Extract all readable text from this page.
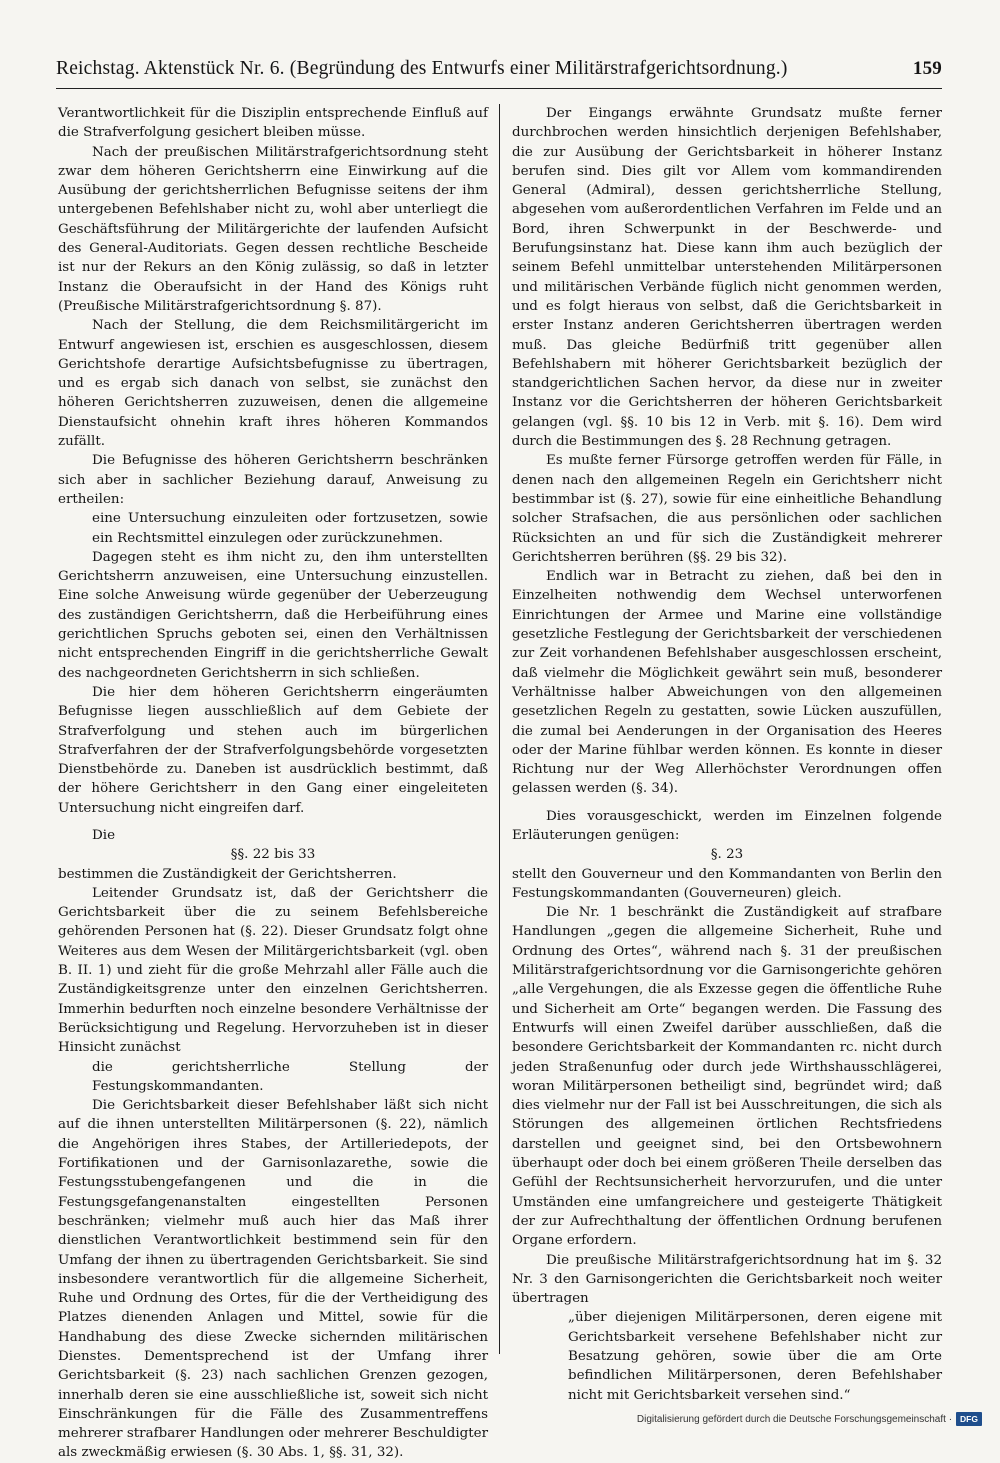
Reichstag. Aktenstück Nr. 6. (Begründung des Entwurfs einer Militärstrafgerichtsordnung.)	159

Verantwortlichkeit für die Disziplin entsprechende Einfluß auf die Strafverfolgung gesichert bleiben müsse.

Nach der preußischen Militärstrafgerichtsordnung steht zwar dem höheren Gerichtsherrn eine Einwirkung auf die Ausübung der gerichtsherrlichen Befugnisse seitens der ihm untergebenen Befehlshaber nicht zu, wohl aber unterliegt die Geschäftsführung der Militärgerichte der laufenden Aufsicht des General-Auditoriats. Gegen dessen rechtliche Bescheide ist nur der Rekurs an den König zulässig, so daß in letzter Instanz die Oberaufsicht in der Hand des Königs ruht (Preußische Militärstrafgerichtsordnung §. 87).

Nach der Stellung, die dem Reichsmilitärgericht im Entwurf angewiesen ist, erschien es ausgeschlossen, diesem Gerichtshofe derartige Aufsichtsbefugnisse zu übertragen, und es ergab sich danach von selbst, sie zunächst den höheren Gerichtsherren zuzuweisen, denen die allgemeine Dienstaufsicht ohnehin kraft ihres höheren Kommandos zufällt.

Die Befugnisse des höheren Gerichtsherrn beschränken sich aber in sachlicher Beziehung darauf, Anweisung zu ertheilen:

eine Untersuchung einzuleiten oder fortzusetzen, sowie ein Rechtsmittel einzulegen oder zurückzunehmen.

Dagegen steht es ihm nicht zu, den ihm unterstellten Gerichtsherrn anzuweisen, eine Untersuchung einzustellen. Eine solche Anweisung würde gegenüber der Ueberzeugung des zuständigen Gerichtsherrn, daß die Herbeiführung eines gerichtlichen Spruchs geboten sei, einen den Verhältnissen nicht entsprechenden Eingriff in die gerichtsherrliche Gewalt des nachgeordneten Gerichtsherrn in sich schließen.

Die hier dem höheren Gerichtsherrn eingeräumten Befugnisse liegen ausschließlich auf dem Gebiete der Strafverfolgung und stehen auch im bürgerlichen Strafverfahren der der Strafverfolgungsbehörde vorgesetzten Dienstbehörde zu. Daneben ist ausdrücklich bestimmt, daß der höhere Gerichtsherr in den Gang einer eingeleiteten Untersuchung nicht eingreifen darf.

Die

§§. 22 bis 33

bestimmen die Zuständigkeit der Gerichtsherren.

Leitender Grundsatz ist, daß der Gerichtsherr die Gerichtsbarkeit über die zu seinem Befehlsbereiche gehörenden Personen hat (§. 22). Dieser Grundsatz folgt ohne Weiteres aus dem Wesen der Militärgerichtsbarkeit (vgl. oben B. II. 1) und zieht für die große Mehrzahl aller Fälle auch die Zuständigkeitsgrenze unter den einzelnen Gerichtsherren. Immerhin bedurften noch einzelne besondere Verhältnisse der Berücksichtigung und Regelung. Hervorzuheben ist in dieser Hinsicht zunächst

die gerichtsherrliche Stellung der Festungskommandanten.

Die Gerichtsbarkeit dieser Befehlshaber läßt sich nicht auf die ihnen unterstellten Militärpersonen (§. 22), nämlich die Angehörigen ihres Stabes, der Artilleriedepots, der Fortifikationen und der Garnisonlazarethe, sowie die Festungsstubengefangenen und die in die Festungsgefangenanstalten eingestellten Personen beschränken; vielmehr muß auch hier das Maß ihrer dienstlichen Verantwortlichkeit bestimmend sein für den Umfang der ihnen zu übertragenden Gerichtsbarkeit. Sie sind insbesondere verantwortlich für die allgemeine Sicherheit, Ruhe und Ordnung des Ortes, für die der Vertheidigung des Platzes dienenden Anlagen und Mittel, sowie für die Handhabung des diese Zwecke sichernden militärischen Dienstes. Dementsprechend ist der Umfang ihrer Gerichtsbarkeit (§. 23) nach sachlichen Grenzen gezogen, innerhalb deren sie eine ausschließliche ist, soweit sich nicht Einschränkungen für die Fälle des Zusammentreffens mehrerer strafbarer Handlungen oder mehrerer Beschuldigter als zweckmäßig erwiesen (§. 30 Abs. 1, §§. 31, 32).

Der Eingangs erwähnte Grundsatz mußte ferner durchbrochen werden hinsichtlich derjenigen Befehlshaber, die zur Ausübung der Gerichtsbarkeit in höherer Instanz berufen sind. Dies gilt vor Allem vom kommandirenden General (Admiral), dessen gerichtsherrliche Stellung, abgesehen vom außerordentlichen Verfahren im Felde und an Bord, ihren Schwerpunkt in der Beschwerde- und Berufungsinstanz hat. Diese kann ihm auch bezüglich der seinem Befehl unmittelbar unterstehenden Militärpersonen und militärischen Verbände füglich nicht genommen werden, und es folgt hieraus von selbst, daß die Gerichtsbarkeit in erster Instanz anderen Gerichtsherren übertragen werden muß. Das gleiche Bedürfniß tritt gegenüber allen Befehlshabern mit höherer Gerichtsbarkeit bezüglich der standgerichtlichen Sachen hervor, da diese nur in zweiter Instanz vor die Gerichtsherren der höheren Gerichtsbarkeit gelangen (vgl. §§. 10 bis 12 in Verb. mit §. 16). Dem wird durch die Bestimmungen des §. 28 Rechnung getragen.

Es mußte ferner Fürsorge getroffen werden für Fälle, in denen nach den allgemeinen Regeln ein Gerichtsherr nicht bestimmbar ist (§. 27), sowie für eine einheitliche Behandlung solcher Strafsachen, die aus persönlichen oder sachlichen Rücksichten an und für sich die Zuständigkeit mehrerer Gerichtsherren berühren (§§. 29 bis 32).

Endlich war in Betracht zu ziehen, daß bei den in Einzelheiten nothwendig dem Wechsel unterworfenen Einrichtungen der Armee und Marine eine vollständige gesetzliche Festlegung der Gerichtsbarkeit der verschiedenen zur Zeit vorhandenen Befehlshaber ausgeschlossen erscheint, daß vielmehr die Möglichkeit gewährt sein muß, besonderer Verhältnisse halber Abweichungen von den allgemeinen gesetzlichen Regeln zu gestatten, sowie Lücken auszufüllen, die zumal bei Aenderungen in der Organisation des Heeres oder der Marine fühlbar werden können. Es konnte in dieser Richtung nur der Weg Allerhöchster Verordnungen offen gelassen werden (§. 34).

Dies vorausgeschickt, werden im Einzelnen folgende Erläuterungen genügen:

§. 23

stellt den Gouverneur und den Kommandanten von Berlin den Festungskommandanten (Gouverneuren) gleich.

Die Nr. 1 beschränkt die Zuständigkeit auf strafbare Handlungen „gegen die allgemeine Sicherheit, Ruhe und Ordnung des Ortes“, während nach §. 31 der preußischen Militärstrafgerichtsordnung vor die Garnisongerichte gehören „alle Vergehungen, die als Exzesse gegen die öffentliche Ruhe und Sicherheit am Orte“ begangen werden. Die Fassung des Entwurfs will einen Zweifel darüber ausschließen, daß die besondere Gerichtsbarkeit der Kommandanten rc. nicht durch jeden Straßenunfug oder durch jede Wirthshausschlägerei, woran Militärpersonen betheiligt sind, begründet wird; daß dies vielmehr nur der Fall ist bei Ausschreitungen, die sich als Störungen des allgemeinen örtlichen Rechtsfriedens darstellen und geeignet sind, bei den Ortsbewohnern überhaupt oder doch bei einem größeren Theile derselben das Gefühl der Rechtsunsicherheit hervorzurufen, und die unter Umständen eine umfangreichere und gesteigerte Thätigkeit der zur Aufrechthaltung der öffentlichen Ordnung berufenen Organe erfordern.

Die preußische Militärstrafgerichtsordnung hat im §. 32 Nr. 3 den Garnisongerichten die Gerichtsbarkeit noch weiter übertragen

„über diejenigen Militärpersonen, deren eigene mit Gerichtsbarkeit versehene Befehlshaber nicht zur Besatzung gehören, sowie über die am Orte befindlichen Militärpersonen, deren Befehlshaber nicht mit Gerichtsbarkeit versehen sind.“

Digitalisierung gefördert durch die Deutsche Forschungsgemeinschaft · DFG
